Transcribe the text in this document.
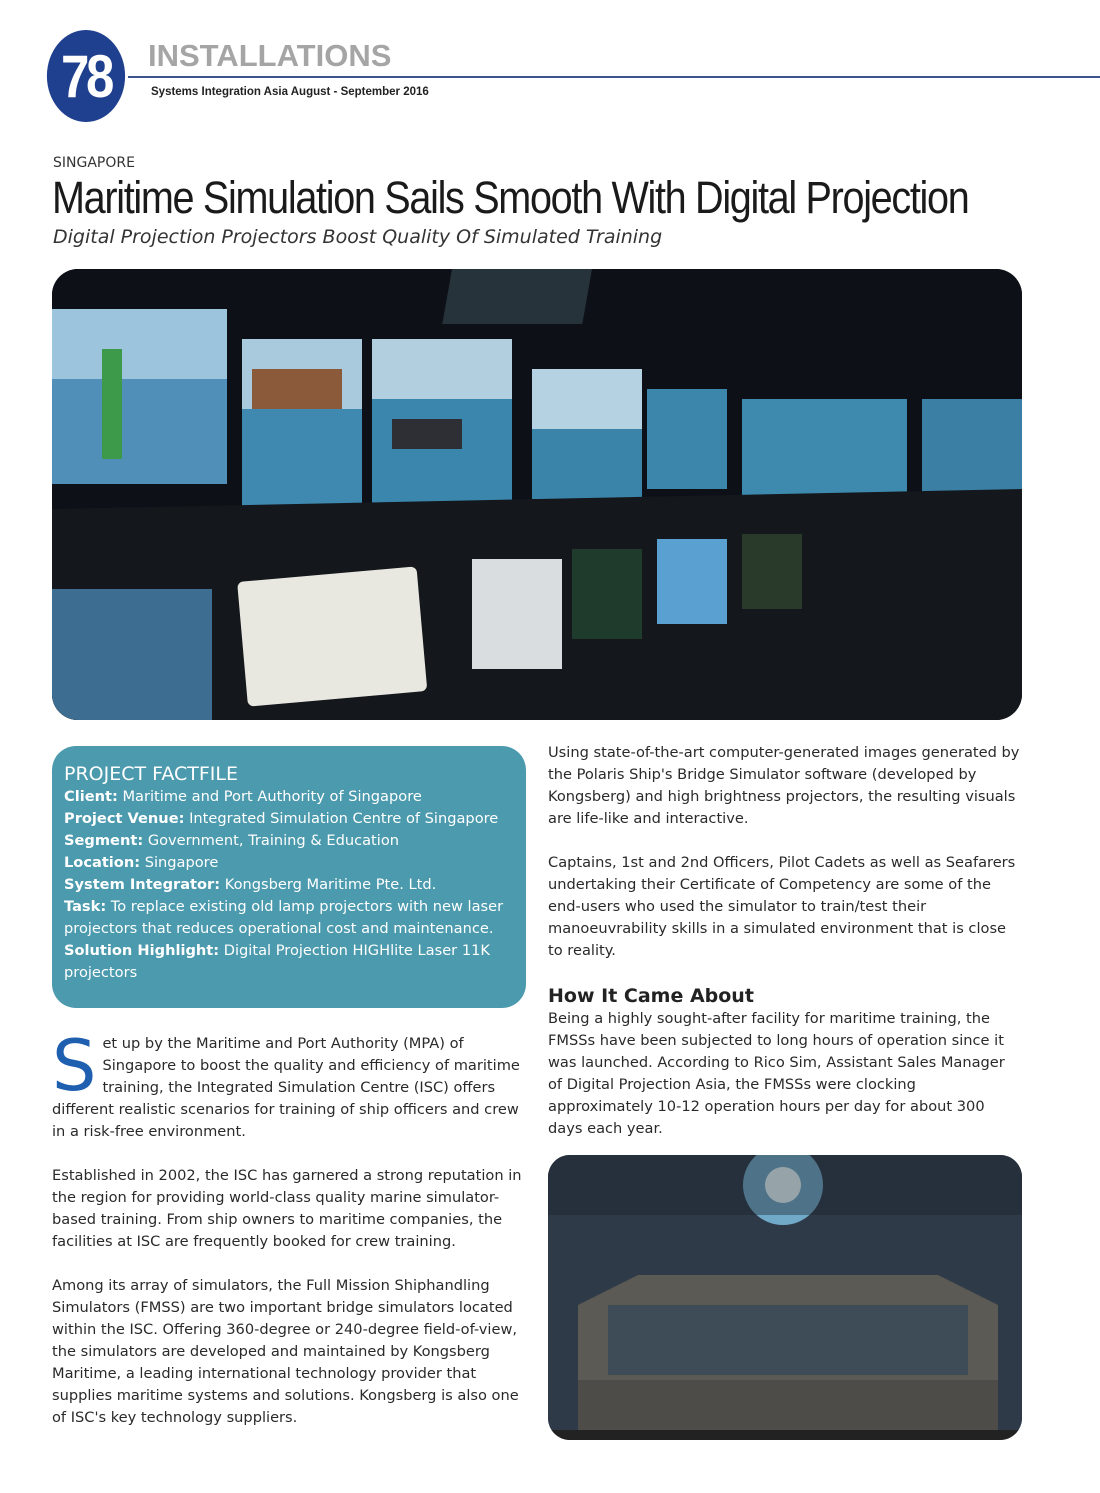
78	INSTALLATIONS
Systems Integration Asia August - September 2016
SINGAPORE
Maritime Simulation Sails Smooth With Digital Projection
Digital Projection Projectors Boost Quality Of Simulated Training
PROJECT FACTFILE
Client: Maritime and Port Authority of Singapore
Project Venue: Integrated Simulation Centre of Singapore
Segment: Government, Training & Education
Location: Singapore
System Integrator: Kongsberg Maritime Pte. Ltd.
Task: To replace existing old lamp projectors with new laser projectors that reduces operational cost and maintenance.
Solution Highlight: Digital Projection HIGHlite Laser 11K projectors

Set up by the Maritime and Port Authority (MPA) of Singapore to boost the quality and efficiency of maritime training, the Integrated Simulation Centre (ISC) offers different realistic scenarios for training of ship officers and crew in a risk-free environment.

Established in 2002, the ISC has garnered a strong reputation in the region for providing world-class quality marine simulator-based training. From ship owners to maritime companies, the facilities at ISC are frequently booked for crew training.

Among its array of simulators, the Full Mission Shiphandling Simulators (FMSS) are two important bridge simulators located within the ISC. Offering 360-degree or 240-degree field-of-view, the simulators are developed and maintained by Kongsberg Maritime, a leading international technology provider that supplies maritime systems and solutions. Kongsberg is also one of ISC's key technology suppliers.

Using state-of-the-art computer-generated images generated by the Polaris Ship's Bridge Simulator software (developed by Kongsberg) and high brightness projectors, the resulting visuals are life-like and interactive.

Captains, 1st and 2nd Officers, Pilot Cadets as well as Seafarers undertaking their Certificate of Competency are some of the end-users who used the simulator to train/test their manoeuvrability skills in a simulated environment that is close to reality.

How It Came About

Being a highly sought-after facility for maritime training, the FMSSs have been subjected to long hours of operation since it was launched. According to Rico Sim, Assistant Sales Manager of Digital Projection Asia, the FMSSs were clocking approximately 10-12 operation hours per day for about 300 days each year.
